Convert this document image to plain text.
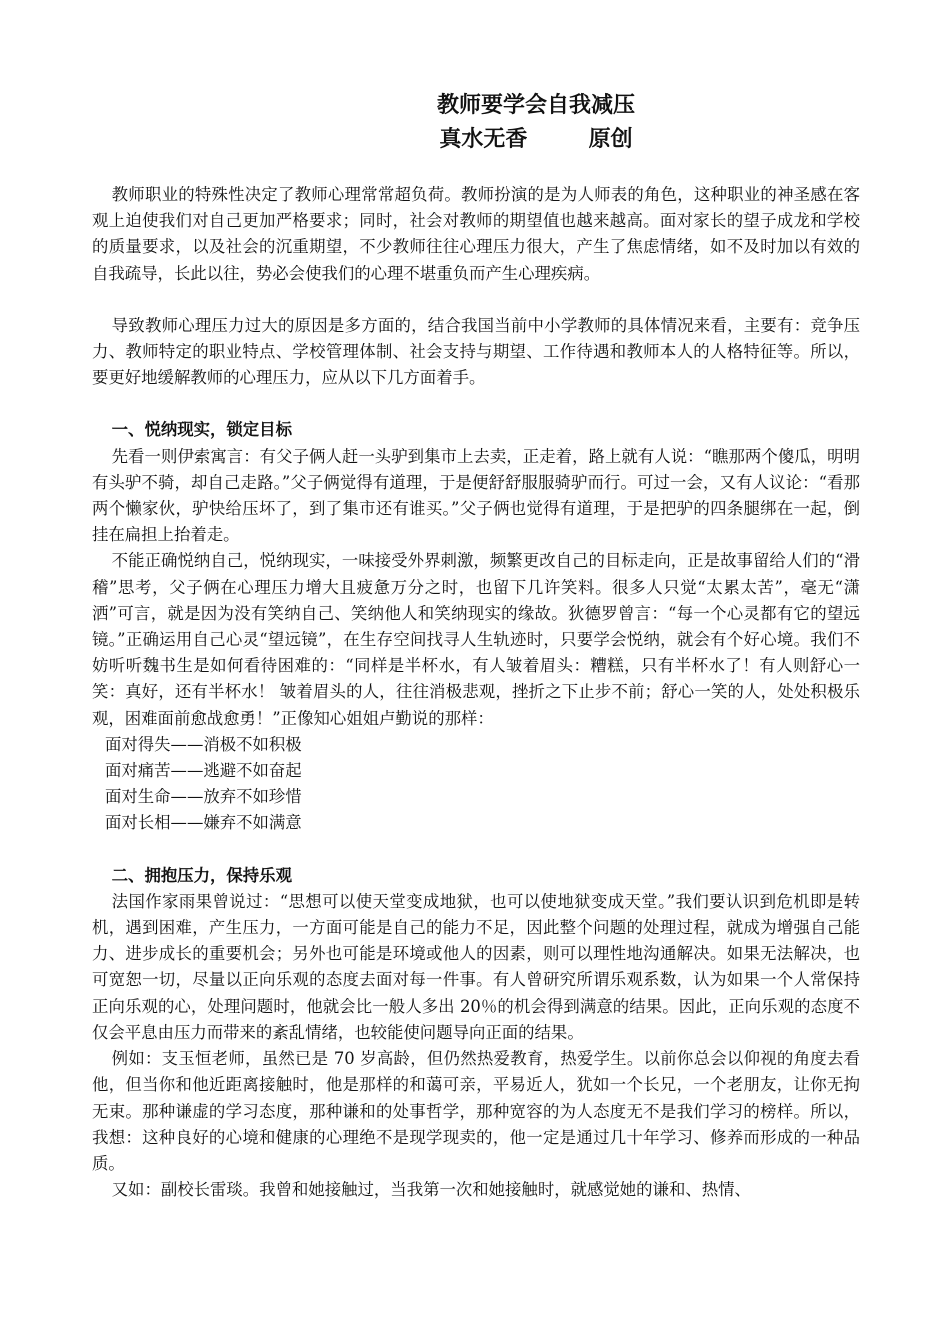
教师要学会自我减压
真水无香        原创

教师职业的特殊性决定了教师心理常常超负荷。教师扮演的是为人师表的角色，这种职业的神圣感在客观上迫使我们对自己更加严格要求；同时，社会对教师的期望值也越来越高。面对家长的望子成龙和学校的质量要求，以及社会的沉重期望，不少教师往往心理压力很大，产生了焦虑情绪，如不及时加以有效的自我疏导，长此以往，势必会使我们的心理不堪重负而产生心理疾病。

导致教师心理压力过大的原因是多方面的，结合我国当前中小学教师的具体情况来看，主要有：竞争压力、教师特定的职业特点、学校管理体制、社会支持与期望、工作待遇和教师本人的人格特征等。所以，要更好地缓解教师的心理压力，应从以下几方面着手。

一、悦纳现实，锁定目标

先看一则伊索寓言：有父子俩人赶一头驴到集市上去卖，正走着，路上就有人说：“瞧那两个傻瓜，明明有头驴不骑，却自己走路。”父子俩觉得有道理，于是便舒舒服服骑驴而行。可过一会，又有人议论：“看那两个懒家伙，驴快给压坏了，到了集市还有谁买。”父子俩也觉得有道理，于是把驴的四条腿绑在一起，倒挂在扁担上抬着走。

不能正确悦纳自己，悦纳现实，一味接受外界刺激，频繁更改自己的目标走向，正是故事留给人们的“滑稽”思考，父子俩在心理压力增大且疲惫万分之时，也留下几许笑料。很多人只觉“太累太苦”，毫无“潇洒”可言，就是因为没有笑纳自己、笑纳他人和笑纳现实的缘故。狄德罗曾言：“每一个心灵都有它的望远镜。”正确运用自己心灵“望远镜”，在生存空间找寻人生轨迹时，只要学会悦纳，就会有个好心境。我们不妨听听魏书生是如何看待困难的：“同样是半杯水，有人皱着眉头：糟糕，只有半杯水了！有人则舒心一笑：真好，还有半杯水！ 皱着眉头的人，往往消极悲观，挫折之下止步不前；舒心一笑的人，处处积极乐观，困难面前愈战愈勇！”正像知心姐姐卢勤说的那样：

面对得失——消极不如积极
面对痛苦——逃避不如奋起
面对生命——放弃不如珍惜
面对长相——嫌弃不如满意
二、拥抱压力，保持乐观

法国作家雨果曾说过：“思想可以使天堂变成地狱，也可以使地狱变成天堂。”我们要认识到危机即是转机，遇到困难，产生压力，一方面可能是自己的能力不足，因此整个问题的处理过程，就成为增强自己能力、进步成长的重要机会；另外也可能是环境或他人的因素，则可以理性地沟通解决。如果无法解决，也可宽恕一切，尽量以正向乐观的态度去面对每一件事。有人曾研究所谓乐观系数，认为如果一个人常保持正向乐观的心，处理问题时，他就会比一般人多出 20％的机会得到满意的结果。因此，正向乐观的态度不仅会平息由压力而带来的紊乱情绪，也较能使问题导向正面的结果。

例如：支玉恒老师，虽然已是 70 岁高龄，但仍然热爱教育，热爱学生。以前你总会以仰视的角度去看他，但当你和他近距离接触时，他是那样的和蔼可亲，平易近人，犹如一个长兄，一个老朋友，让你无拘无束。那种谦虚的学习态度，那种谦和的处事哲学，那种宽容的为人态度无不是我们学习的榜样。所以，我想：这种良好的心境和健康的心理绝不是现学现卖的，他一定是通过几十年学习、修养而形成的一种品质。

又如：副校长雷琰。我曾和她接触过，当我第一次和她接触时，就感觉她的谦和、热情、
